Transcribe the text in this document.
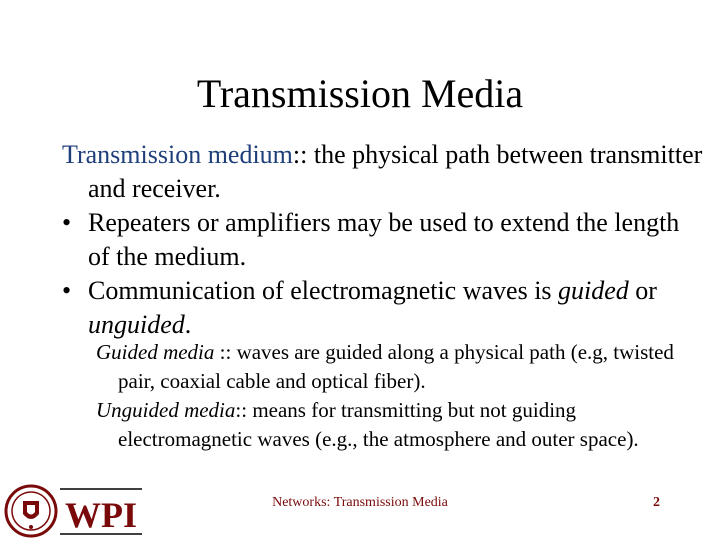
Transmission Media
Transmission medium:: the physical path between transmitter and receiver.
• Repeaters or amplifiers may be used to extend the length of the medium.
• Communication of electromagnetic waves is guided or unguided.
Guided media :: waves are guided along a physical path (e.g, twisted pair, coaxial cable and optical fiber).
Unguided media:: means for transmitting but not guiding electromagnetic waves (e.g., the atmosphere and outer space).
Networks: Transmission Media	2
WPI
